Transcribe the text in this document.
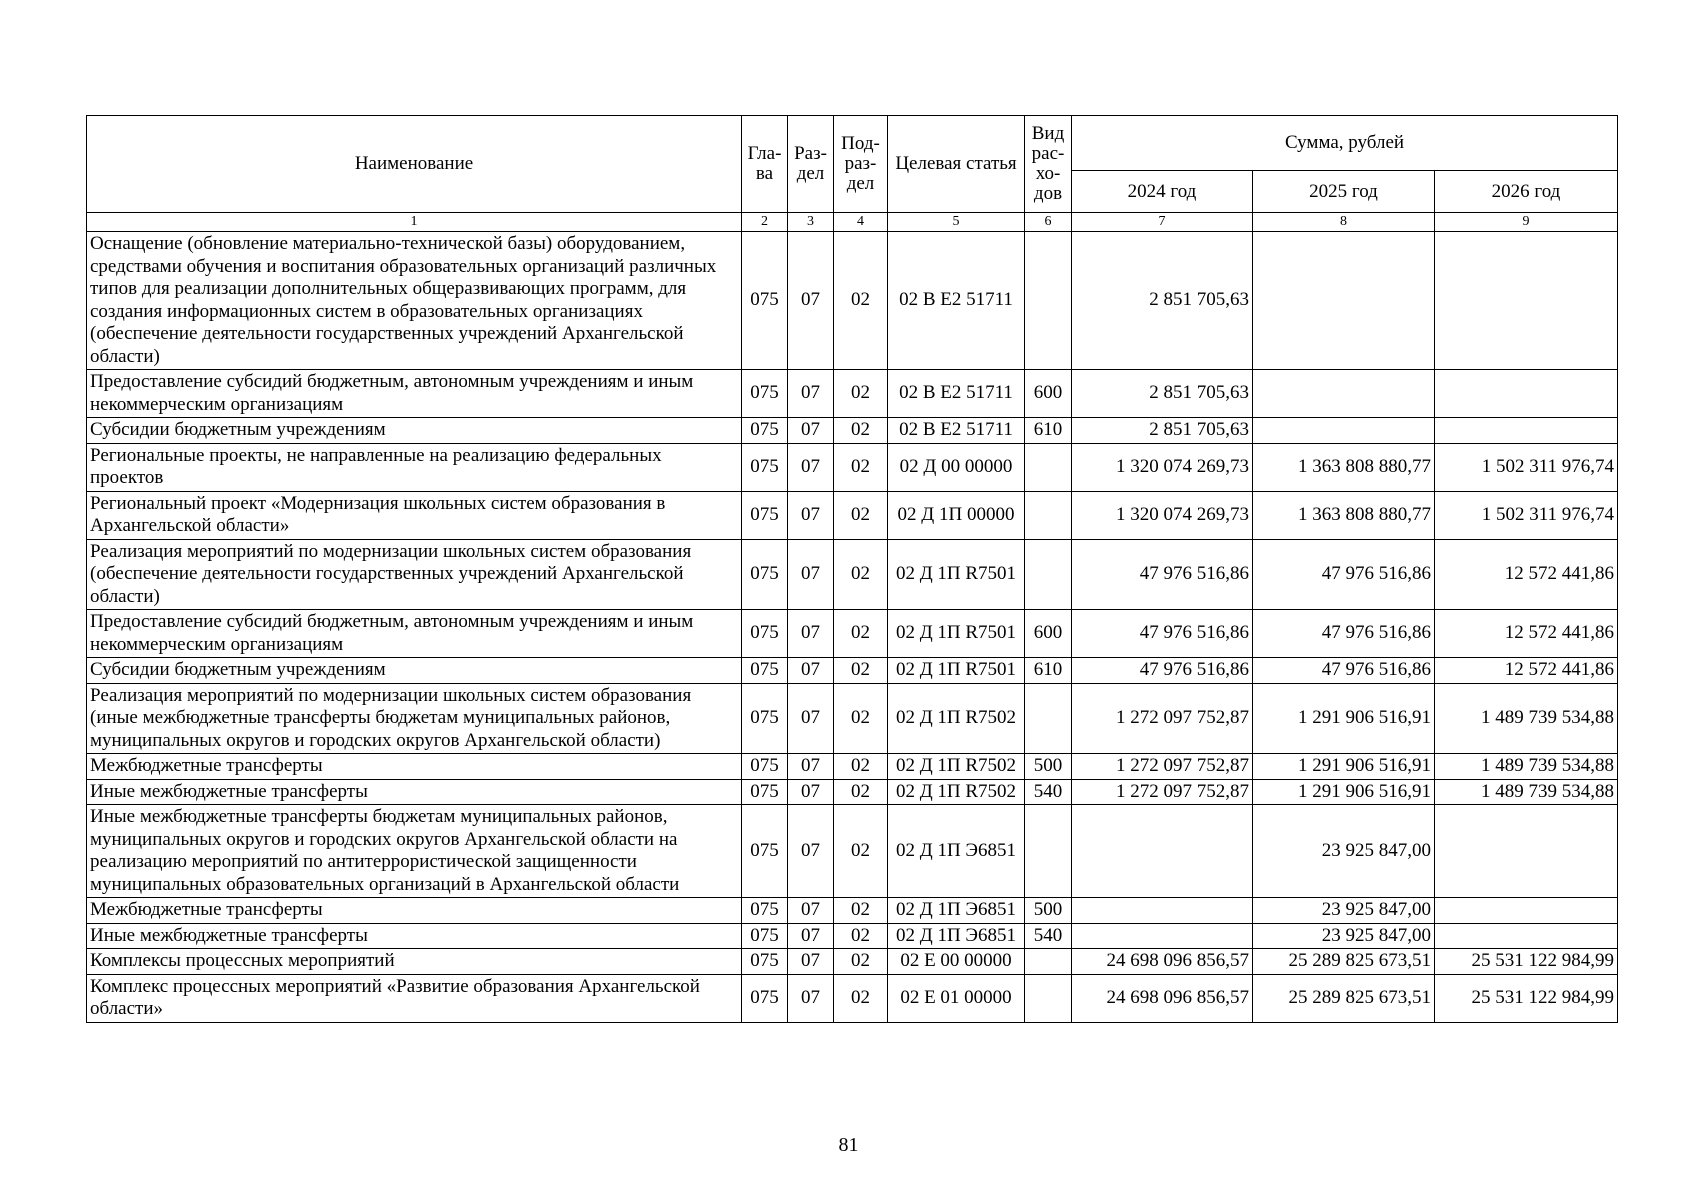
Наименование	Гла-ва	Раз-дел	Под-раз-дел	Целевая статья	Вид рас-хо-дов	Сумма, рублей		
						2024 год	2025 год	2026 год
1	2	3	4	5	6	7	8	9
Оснащение (обновление материально-технической базы) оборудованием, средствами обучения и воспитания образовательных организаций различных типов для реализации дополнительных общеразвивающих программ, для создания информационных систем в образовательных организациях (обеспечение деятельности государственных учреждений Архангельской области)	075	07	02	02 В Е2 51711		2 851 705,63		
Предоставление субсидий бюджетным, автономным учреждениям и иным некоммерческим организациям	075	07	02	02 В Е2 51711	600	2 851 705,63		
Субсидии бюджетным учреждениям	075	07	02	02 В Е2 51711	610	2 851 705,63		
Региональные проекты, не направленные на реализацию федеральных проектов	075	07	02	02 Д 00 00000		1 320 074 269,73	1 363 808 880,77	1 502 311 976,74
Региональный проект «Модернизация школьных систем образования в Архангельской области»	075	07	02	02 Д 1П 00000		1 320 074 269,73	1 363 808 880,77	1 502 311 976,74
Реализация мероприятий по модернизации школьных систем образования (обеспечение деятельности государственных учреждений Архангельской области)	075	07	02	02 Д 1П R7501		47 976 516,86	47 976 516,86	12 572 441,86
Предоставление субсидий бюджетным, автономным учреждениям и иным некоммерческим организациям	075	07	02	02 Д 1П R7501	600	47 976 516,86	47 976 516,86	12 572 441,86
Субсидии бюджетным учреждениям	075	07	02	02 Д 1П R7501	610	47 976 516,86	47 976 516,86	12 572 441,86
Реализация мероприятий по модернизации школьных систем образования (иные межбюджетные трансферты бюджетам муниципальных районов, муниципальных округов и городских округов Архангельской области)	075	07	02	02 Д 1П R7502		1 272 097 752,87	1 291 906 516,91	1 489 739 534,88
Межбюджетные трансферты	075	07	02	02 Д 1П R7502	500	1 272 097 752,87	1 291 906 516,91	1 489 739 534,88
Иные межбюджетные трансферты	075	07	02	02 Д 1П R7502	540	1 272 097 752,87	1 291 906 516,91	1 489 739 534,88
Иные межбюджетные трансферты бюджетам муниципальных районов, муниципальных округов и городских округов Архангельской области на реализацию мероприятий по антитеррористической защищенности муниципальных образовательных организаций в Архангельской области	075	07	02	02 Д 1П Э6851			23 925 847,00	
Межбюджетные трансферты	075	07	02	02 Д 1П Э6851	500		23 925 847,00	
Иные межбюджетные трансферты	075	07	02	02 Д 1П Э6851	540		23 925 847,00	
Комплексы процессных мероприятий	075	07	02	02 Е 00 00000		24 698 096 856,57	25 289 825 673,51	25 531 122 984,99
Комплекс процессных мероприятий «Развитие образования Архангельской области»	075	07	02	02 Е 01 00000		24 698 096 856,57	25 289 825 673,51	25 531 122 984,99
81
